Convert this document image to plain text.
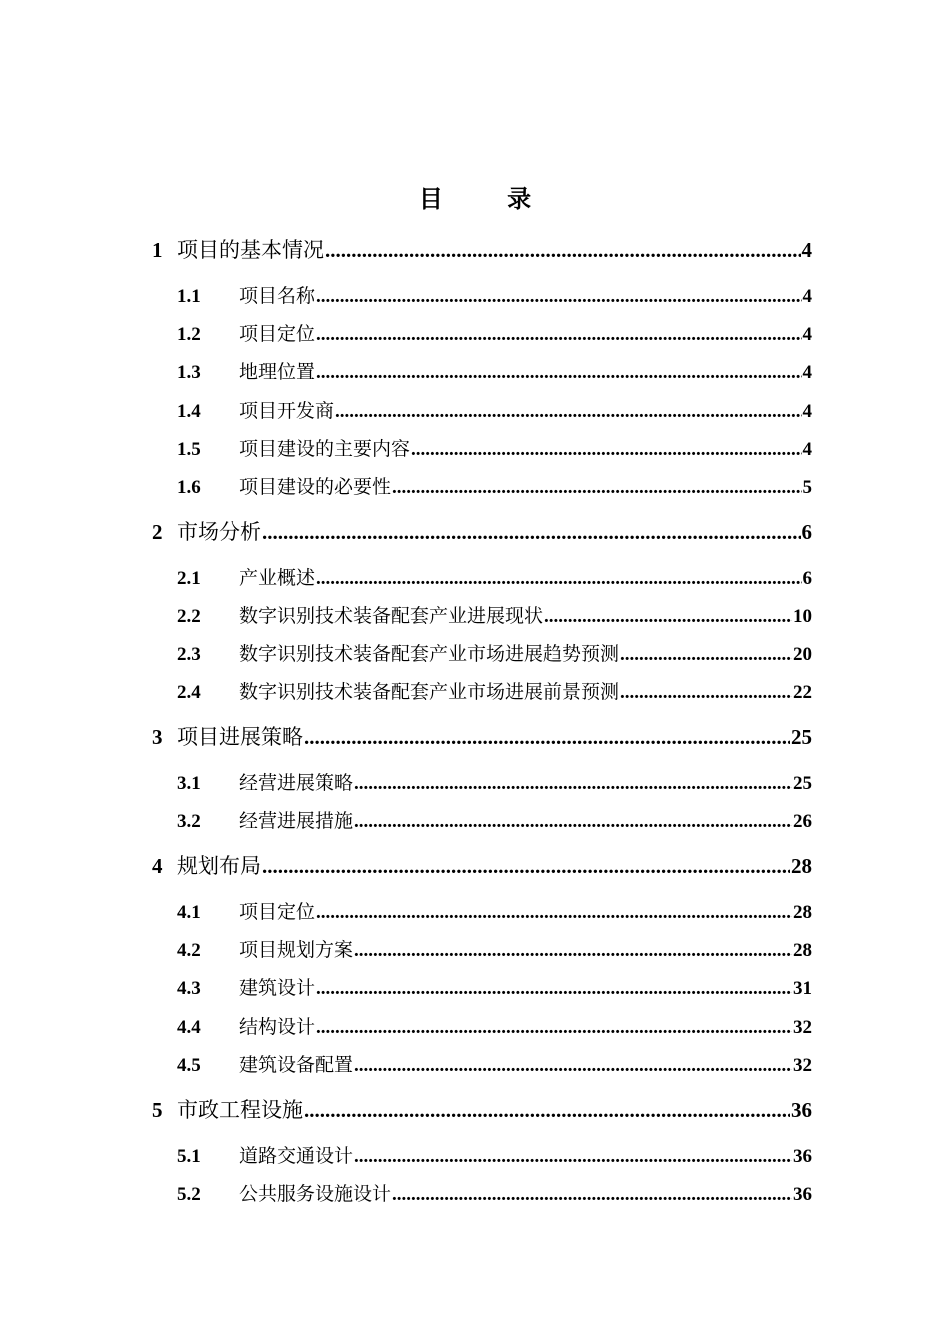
目 录
1 项目的基本情况 .....	4
1.1	项目名称 .....	4
1.2	项目定位 .....	4
1.3	地理位置 .....	4
1.4	项目开发商 .....	4
1.5	项目建设的主要内容 .....	4
1.6	项目建设的必要性 .....	5
2 市场分析 .....	6
2.1	产业概述 .....	6
2.2	数字识别技术装备配套产业进展现状 .....	10
2.3	数字识别技术装备配套产业市场进展趋势预测 .....	20
2.4	数字识别技术装备配套产业市场进展前景预测 .....	22
3 项目进展策略 .....	25
3.1	经营进展策略 .....	25
3.2	经营进展措施 .....	26
4 规划布局 .....	28
4.1	项目定位 .....	28
4.2	项目规划方案 .....	28
4.3	建筑设计 .....	31
4.4	结构设计 .....	32
4.5	建筑设备配置 .....	32
5 市政工程设施 .....	36
5.1	道路交通设计 .....	36
5.2	公共服务设施设计 .....	36
